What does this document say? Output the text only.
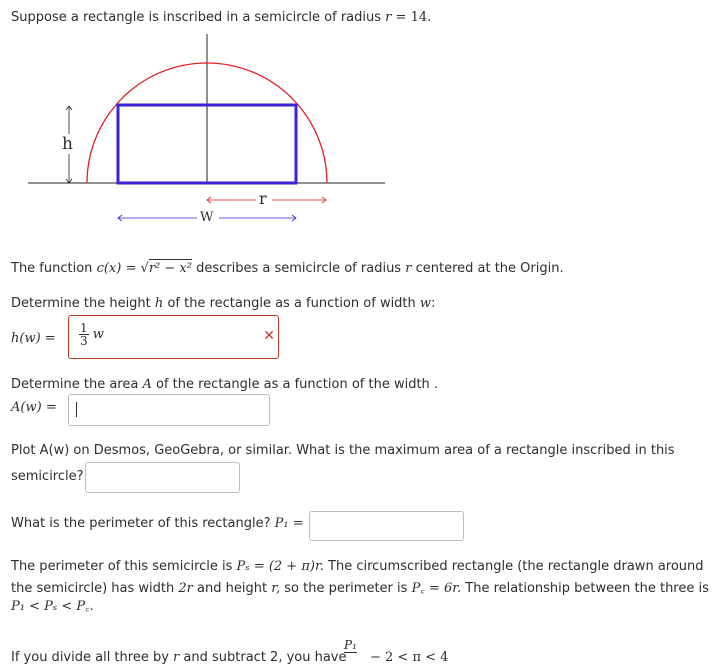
Suppose a rectangle is inscribed in a semicircle of radius r = 14.
h
r
W
The function c(x) = √r² − x² describes a semicircle of radius r centered at the Origin.
Determine the height h of the rectangle as a function of width w:
$h(w) = \frac{1}{3}$ w	✕
Determine the area A of the rectangle as a function of the width .
A(w) =
Plot A(w) on Desmos, GeoGebra, or similar. What is the maximum area of a rectangle inscribed in this
semicircle?
What is the perimeter of this rectangle? P₁ =
The perimeter of this semicircle is Pₛ = (2 + π)r. The circumscribed rectangle (the rectangle drawn around
the semicircle) has width 2r and height r, so the perimeter is P꜀ = 6r. The relationship between the three is
P₁ < Pₛ < P꜀.
If you divide all three by r and subtract 2, you have
P₁
− 2 < π < 4
